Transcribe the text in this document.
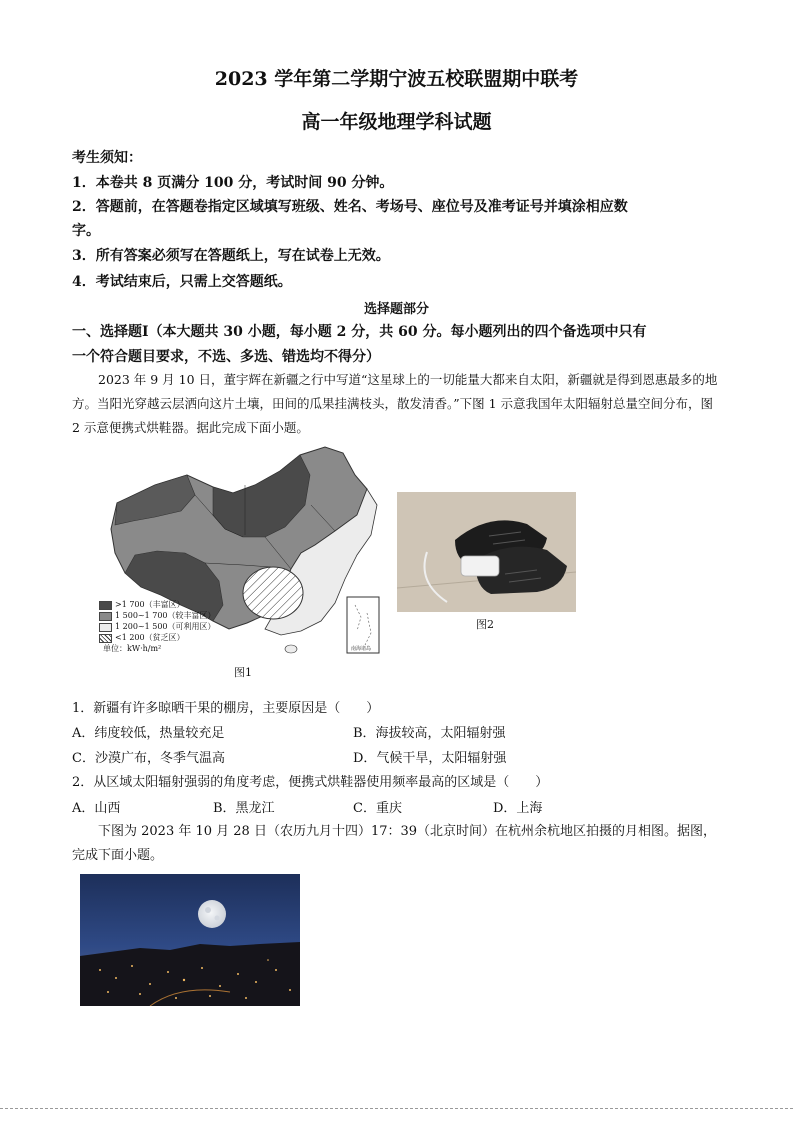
2023 学年第二学期宁波五校联盟期中联考
高一年级地理学科试题
考生须知：
1．本卷共 8 页满分 100 分，考试时间 90 分钟。
2．答题前，在答题卷指定区域填写班级、姓名、考场号、座位号及准考证号并填涂相应数
字。
3．所有答案必须写在答题纸上，写在试卷上无效。
4．考试结束后，只需上交答题纸。
选择题部分
一、选择题Ⅰ（本大题共 30 小题，每小题 2 分，共 60 分。每小题列出的四个备选项中只有
一个符合题目要求，不选、多选、错选均不得分）
2023 年 9 月 10 日，董宇辉在新疆之行中写道“这星球上的一切能量大都来自太阳，新疆就是得到恩惠最多的地方。当阳光穿越云层洒向这片土壤，田间的瓜果挂满枝头，散发清香。”下图 1 示意我国年太阳辐射总量空间分布，图 2 示意便携式烘鞋器。据此完成下面小题。
南海诸岛
>1 700（丰富区）
1 500~1 700（较丰富区）
1 200~1 500（可利用区）
<1 200（贫乏区）
单位：kW·h/m²
图1
图2
1．新疆有许多晾晒干果的棚房，主要原因是（　　）
A．纬度较低，热量较充足	B．海拔较高，太阳辐射强
C．沙漠广布，冬季气温高	D．气候干旱，太阳辐射强
2．从区域太阳辐射强弱的角度考虑，便携式烘鞋器使用频率最高的区域是（　　）
A．山西	B．黑龙江	C．重庆	D．上海
下图为 2023 年 10 月 28 日（农历九月十四）17：39（北京时间）在杭州余杭地区拍摄的月相图。据图，完成下面小题。
